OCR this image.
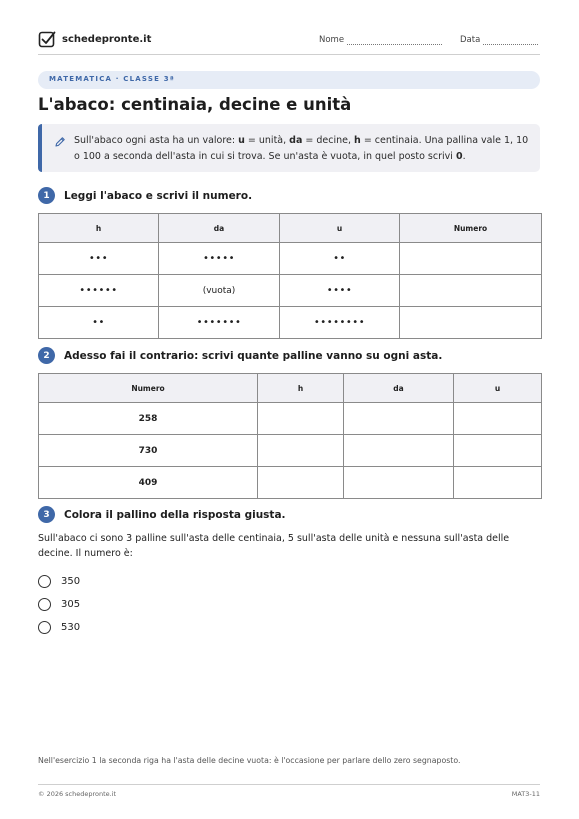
schedepronte.it	Nome	Data
MATEMATICA · CLASSE 3ª
L'abaco: centinaia, decine e unità
Sull'abaco ogni asta ha un valore: u = unità, da = decine, h = centinaia. Una pallina vale 1, 10 o 100 a seconda dell'asta in cui si trova. Se un'asta è vuota, in quel posto scrivi 0.
1	Leggi l'abaco e scrivi il numero.
h	da	u	Numero
•••	•••••	••	
••••••	(vuota)	••••	
••	•••••••	••••••••	
2	Adesso fai il contrario: scrivi quante palline vanno su ogni asta.
Numero	h	da	u
258			
730			
409			
3	Colora il pallino della risposta giusta.
Sull'abaco ci sono 3 palline sull'asta delle centinaia, 5 sull'asta delle unità e nessuna sull'asta delle decine. Il numero è:
350
305
530
Nell'esercizio 1 la seconda riga ha l'asta delle decine vuota: è l'occasione per parlare dello zero segnaposto.
© 2026 schedepronte.it	MAT3-11
